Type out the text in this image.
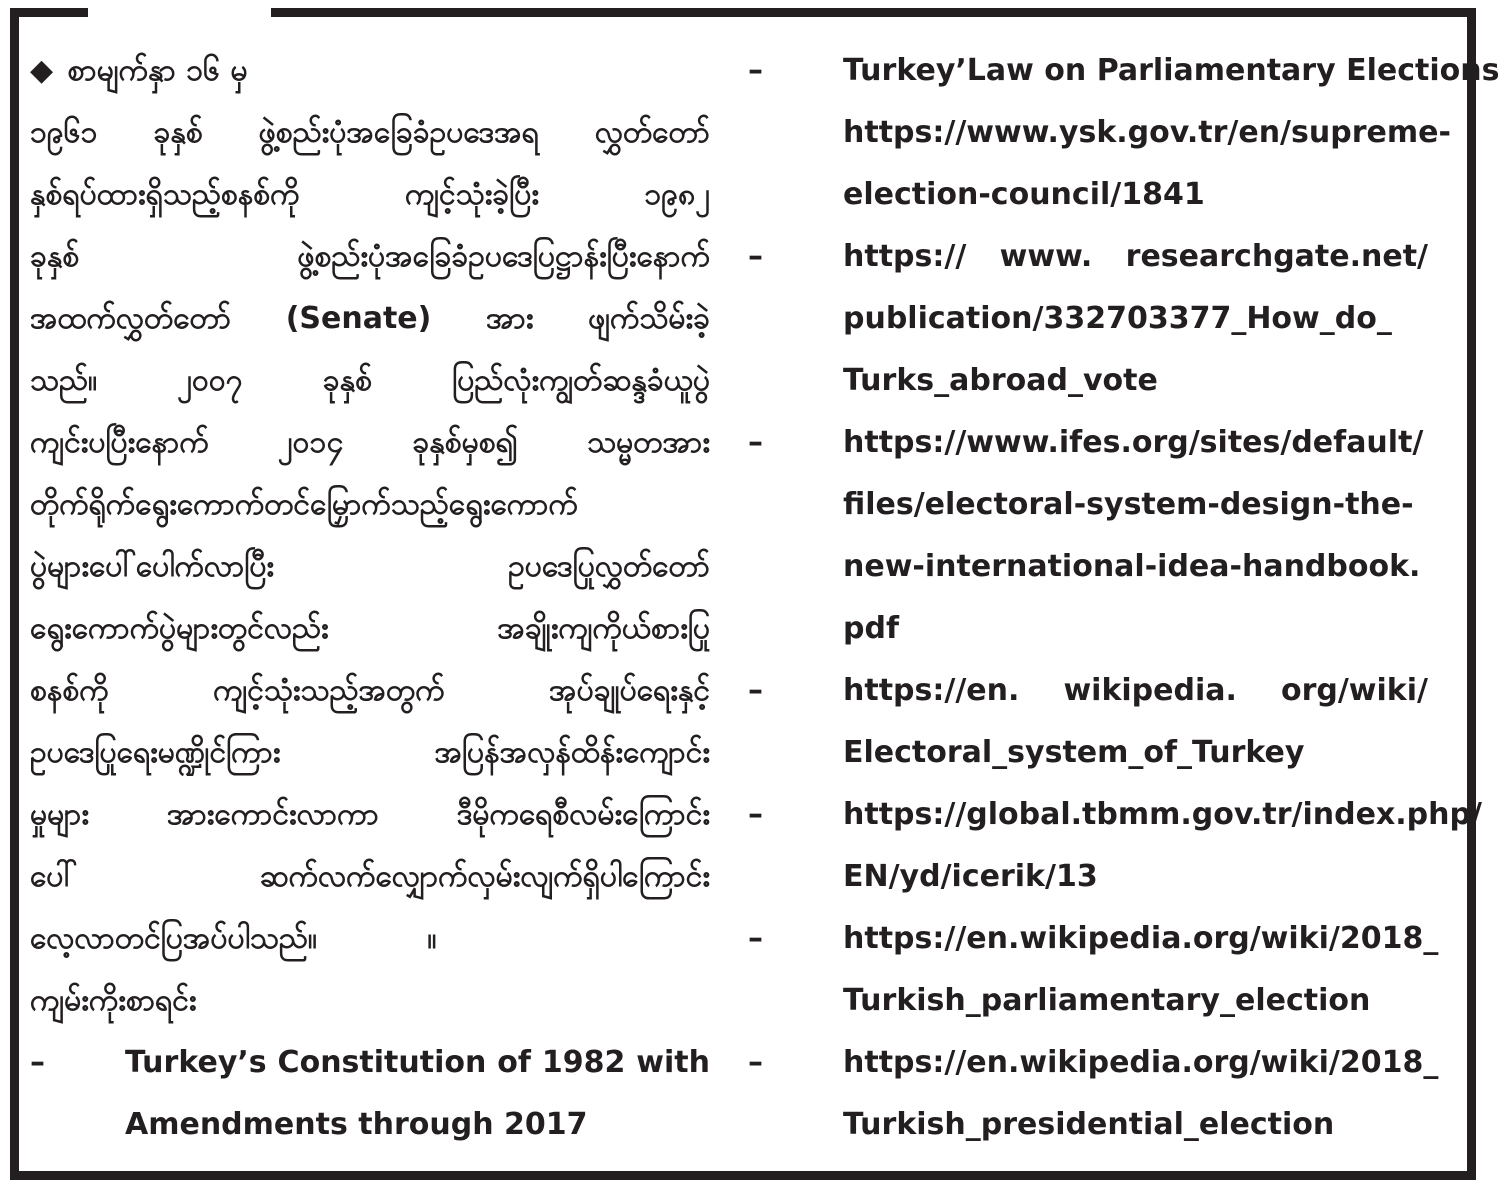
◆ စာမျက်နှာ ၁၆ မှ
၁၉၆၁ ခုနှစ် ဖွဲ့စည်းပုံအခြေခံဥပဒေအရ လွှတ်တော်
နှစ်ရပ်ထားရှိသည့်စနစ်ကို ကျင့်သုံးခဲ့ပြီး ၁၉၈၂
ခုနှစ် ဖွဲ့စည်းပုံအခြေခံဥပဒေပြဋ္ဌာန်းပြီးနောက်
အထက်လွှတ်တော် (Senate) အား ဖျက်သိမ်းခဲ့
သည်။ ၂၀၀၇ ခုနှစ် ပြည်လုံးကျွတ်ဆန္ဒခံယူပွဲ
ကျင်းပပြီးနောက် ၂၀၁၄ ခုနှစ်မှစ၍ သမ္မတအား
တိုက်ရိုက်ရွေးကောက်တင်မြှောက်သည့်ရွေးကောက်
ပွဲများပေါ်ပေါက်လာပြီး ဥပဒေပြုလွှတ်တော်
ရွေးကောက်ပွဲများတွင်လည်း အချိုးကျကိုယ်စားပြု
စနစ်ကို ကျင့်သုံးသည့်အတွက် အုပ်ချုပ်ရေးနှင့်
ဥပဒေပြုရေးမဏ္ဍိုင်ကြား အပြန်အလှန်ထိန်းကျောင်း
မှုများ အားကောင်းလာကာ ဒီမိုကရေစီလမ်းကြောင်း
ပေါ် ဆက်လက်လျှောက်လှမ်းလျက်ရှိပါကြောင်း
လေ့လာတင်ပြအပ်ပါသည်။	။
ကျမ်းကိုးစာရင်း
–	Turkey’s Constitution of 1982 with
Amendments through 2017
–	Turkey’Law on Parliamentary Elections
https://www.ysk.gov.tr/en/supreme-
election-council/1841
–	https:// www. researchgate.net/
publication/332703377_How_do_
Turks_abroad_vote
–	https://www.ifes.org/sites/default/
files/electoral-system-design-the-
new-international-idea-handbook.
pdf
–	https://en. wikipedia. org/wiki/
Electoral_system_of_Turkey
–	https://global.tbmm.gov.tr/index.php/
EN/yd/icerik/13
–	https://en.wikipedia.org/wiki/2018_
Turkish_parliamentary_election
–	https://en.wikipedia.org/wiki/2018_
Turkish_presidential_election
